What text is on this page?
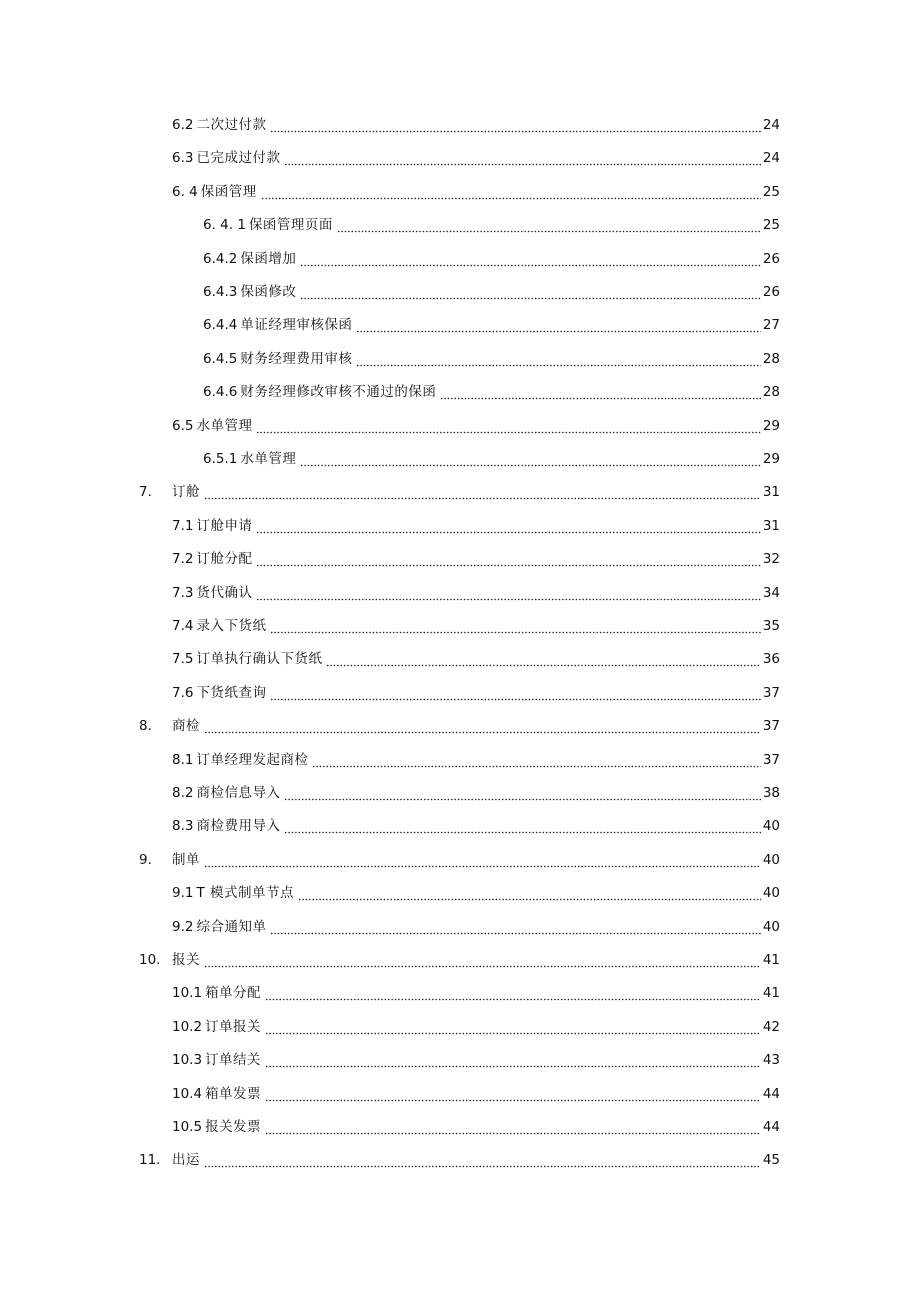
6.2 二次过付款	24
6.3 已完成过付款	24
6. 4 保函管理	25
6. 4. 1 保函管理页面	25
6.4.2 保函增加	26
6.4.3 保函修改	26
6.4.4 单证经理审核保函	27
6.4.5 财务经理费用审核	28
6.4.6 财务经理修改审核不通过的保函	28
6.5 水单管理	29
6.5.1 水单管理	29
7.	订舱	31
7.1 订舱申请	31
7.2 订舱分配	32
7.3 货代确认	34
7.4 录入下货纸	35
7.5 订单执行确认下货纸	36
7.6 下货纸查询	37
8.	商检	37
8.1 订单经理发起商检	37
8.2 商检信息导入	38
8.3 商检费用导入	40
9.	制单	40
9.1 T 模式制单节点	40
9.2 综合通知单	40
10. 报关	41
10.1 箱单分配	41
10.2 订单报关	42
10.3 订单结关	43
10.4 箱单发票	44
10.5 报关发票	44
11. 出运	45
